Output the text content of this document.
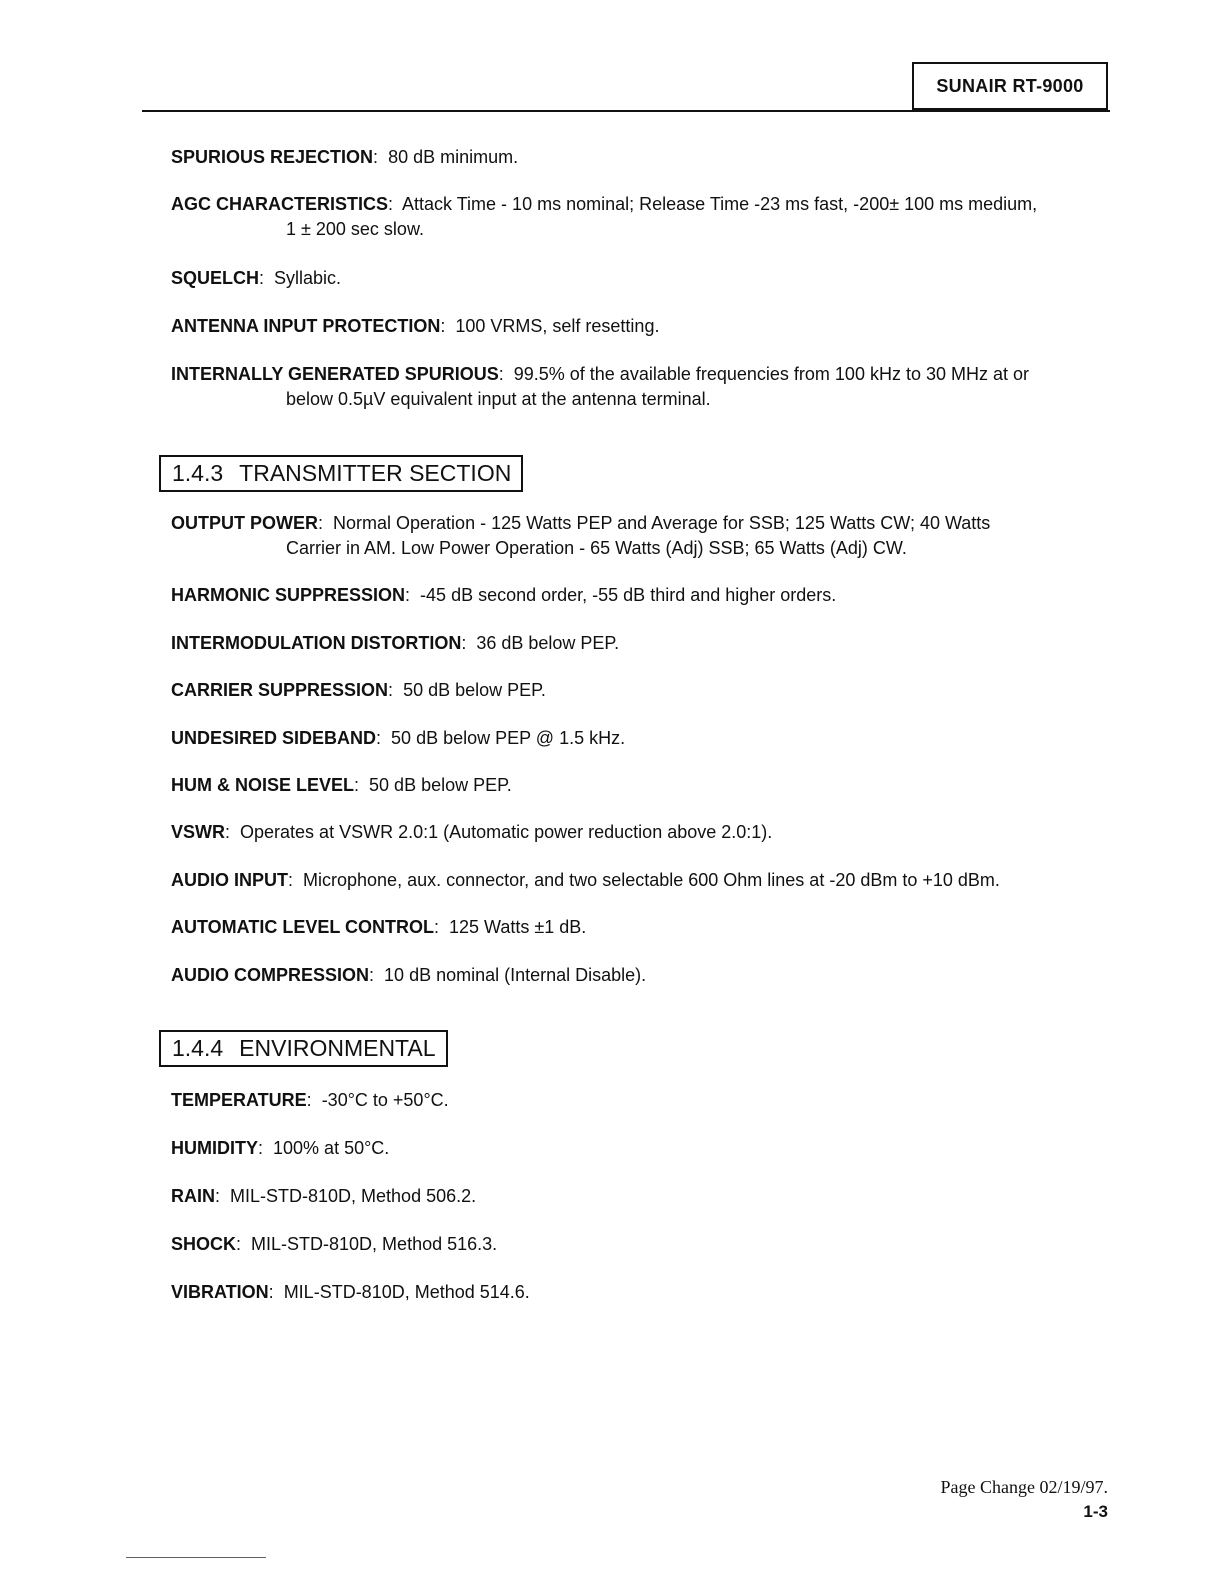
SUNAIR RT-9000
SPURIOUS REJECTION:  80 dB minimum.
AGC CHARACTERISTICS:  Attack Time - 10 ms nominal; Release Time -23 ms fast, -200± 100 ms medium,
1 ± 200 sec slow.
SQUELCH:  Syllabic.
ANTENNA INPUT PROTECTION:  100 VRMS, self resetting.
INTERNALLY GENERATED SPURIOUS:  99.5% of the available frequencies from 100 kHz to 30 MHz at or
below 0.5µV equivalent input at the antenna terminal.
1.4.3 TRANSMITTER SECTION
OUTPUT POWER:  Normal Operation - 125 Watts PEP and Average for SSB; 125 Watts CW; 40 Watts
Carrier in AM. Low Power Operation - 65 Watts (Adj) SSB; 65 Watts (Adj) CW.
HARMONIC SUPPRESSION:  -45 dB second order, -55 dB third and higher orders.
INTERMODULATION DISTORTION:  36 dB below PEP.
CARRIER SUPPRESSION:  50 dB below PEP.
UNDESIRED SIDEBAND:  50 dB below PEP @ 1.5 kHz.
HUM & NOISE LEVEL:  50 dB below PEP.
VSWR:  Operates at VSWR 2.0:1 (Automatic power reduction above 2.0:1).
AUDIO INPUT:  Microphone, aux. connector, and two selectable 600 Ohm lines at -20 dBm to +10 dBm.
AUTOMATIC LEVEL CONTROL:  125 Watts ±1 dB.
AUDIO COMPRESSION:  10 dB nominal (Internal Disable).
1.4.4 ENVIRONMENTAL
TEMPERATURE:  -30°C to +50°C.
HUMIDITY:  100% at 50°C.
RAIN:  MIL-STD-810D, Method 506.2.
SHOCK:  MIL-STD-810D, Method 516.3.
VIBRATION:  MIL-STD-810D, Method 514.6.
Page Change 02/19/97.
1-3
